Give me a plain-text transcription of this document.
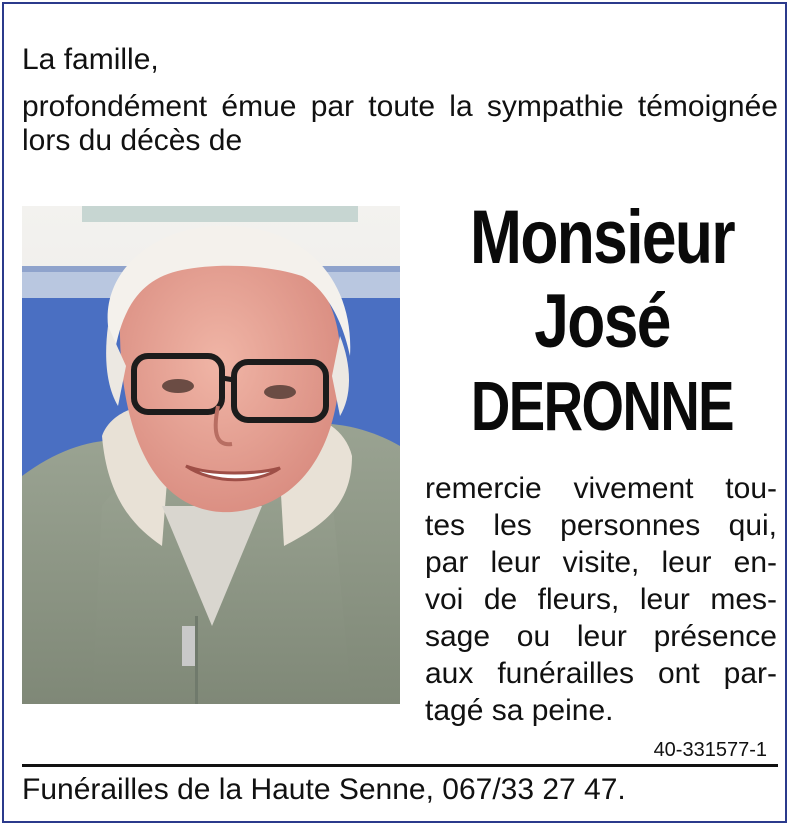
La famille,
profondément émue par toute la sympathie témoignée lors du décès de
Monsieur
José
DERONNE
remercie vivement tou-
tes les personnes qui,
par leur visite, leur en-
voi de fleurs, leur mes-
sage ou leur présence
aux funérailles ont par-
tagé sa peine.
40-331577-1
Funérailles de la Haute Senne, 067/33 27 47.
